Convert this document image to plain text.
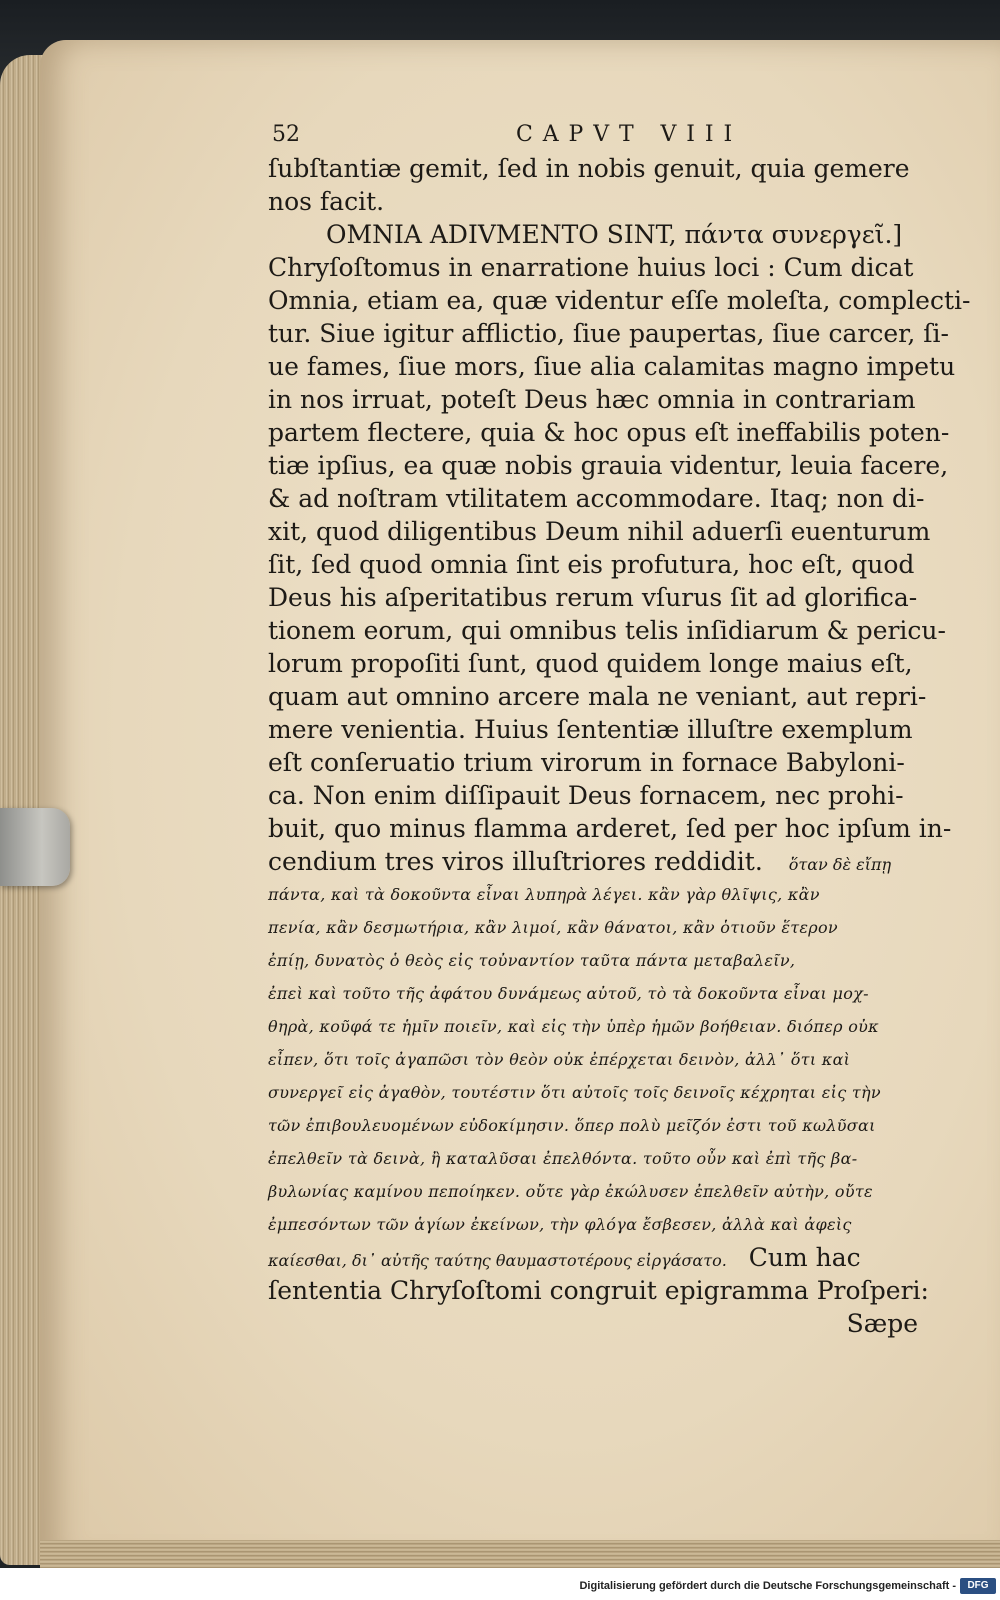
52	CAPVT VIII
ſubſtantiæ gemit, ſed in nobis genuit, quia gemere
nos facit.
OMNIA ADIVMENTO SINT, πάντα συνεργεῖ.]
Chryſoſtomus in enarratione huius loci : Cum dicat
Omnia, etiam ea, quæ videntur eſſe moleſta, complecti-
tur. Siue igitur afflictio, ſiue paupertas, ſiue carcer, ſi-
ue fames, ſiue mors, ſiue alia calamitas magno impetu
in nos irruat, poteſt Deus hæc omnia in contrariam
partem flectere, quia & hoc opus eſt ineffabilis poten-
tiæ ipſius, ea quæ nobis grauia videntur, leuia facere,
& ad noſtram vtilitatem accommodare. Itaq; non di-
xit, quod diligentibus Deum nihil aduerſi euenturum
ſit, ſed quod omnia ſint eis profutura, hoc eſt, quod
Deus his aſperitatibus rerum vſurus ſit ad glorifica-
tionem eorum, qui omnibus telis inſidiarum & pericu-
lorum propoſiti ſunt, quod quidem longe maius eſt,
quam aut omnino arcere mala ne veniant, aut repri-
mere venientia. Huius ſententiæ illuſtre exemplum
eſt conſeruatio trium virorum in fornace Babyloni-
ca. Non enim diſſipauit Deus fornacem, nec prohi-
buit, quo minus flamma arderet, ſed per hoc ipſum in-
cendium tres viros illuſtriores reddidit. ὅταν δὲ εἴπῃ
πάντα, καὶ τὰ δοκοῦντα εἶναι λυπηρὰ λέγει. κἂν γὰρ θλῖψις, κἂν
πενία, κἂν δεσμωτήρια, κἂν λιμοί, κἂν θάνατοι, κἂν ὁτιοῦν ἕτερον
ἐπίῃ, δυνατὸς ὁ θεὸς εἰς τοὐναντίον ταῦτα πάντα μεταβαλεῖν,
ἐπεὶ καὶ τοῦτο τῆς ἀφάτου δυνάμεως αὐτοῦ, τὸ τὰ δοκοῦντα εἶναι μοχ-
θηρὰ, κοῦφά τε ἡμῖν ποιεῖν, καὶ εἰς τὴν ὑπὲρ ἡμῶν βοήθειαν. διόπερ οὐκ
εἶπεν, ὅτι τοῖς ἀγαπῶσι τὸν θεὸν οὐκ ἐπέρχεται δεινὸν, ἀλλ᾽ ὅτι καὶ
συνεργεῖ εἰς ἀγαθὸν, τουτέστιν ὅτι αὐτοῖς τοῖς δεινοῖς κέχρηται εἰς τὴν
τῶν ἐπιβουλευομένων εὐδοκίμησιν. ὅπερ πολὺ μεῖζόν ἐστι τοῦ κωλῦσαι
ἐπελθεῖν τὰ δεινὰ, ἢ καταλῦσαι ἐπελθόντα. τοῦτο οὖν καὶ ἐπὶ τῆς βα-
βυλωνίας καμίνου πεποίηκεν. οὔτε γὰρ ἐκώλυσεν ἐπελθεῖν αὐτὴν, οὔτε
ἐμπεσόντων τῶν ἁγίων ἐκείνων, τὴν φλόγα ἔσβεσεν, ἀλλὰ καὶ ἀφεὶς
καίεσθαι, δι᾽ αὐτῆς ταύτης θαυμαστοτέρους εἰργάσατο. Cum hac
ſententia Chryſoſtomi congruit epigramma Proſperi:
Sæpe
Digitalisierung gefördert durch die Deutsche Forschungsgemeinschaft -	DFG
